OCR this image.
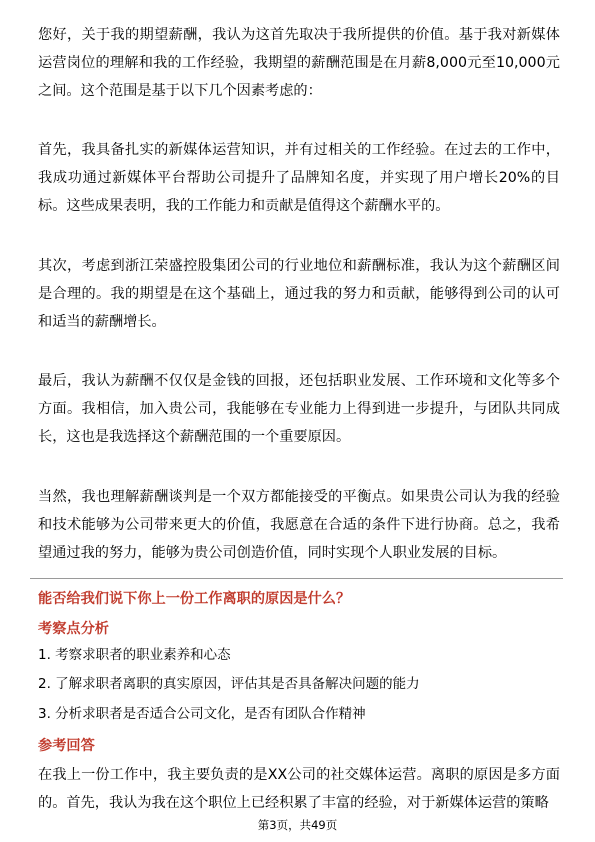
您好，关于我的期望薪酬，我认为这首先取决于我所提供的价值。基于我对新媒体运营岗位的理解和我的工作经验，我期望的薪酬范围是在月薪8,000元至10,000元之间。这个范围是基于以下几个因素考虑的：

首先，我具备扎实的新媒体运营知识，并有过相关的工作经验。在过去的工作中，我成功通过新媒体平台帮助公司提升了品牌知名度，并实现了用户增长20%的目标。这些成果表明，我的工作能力和贡献是值得这个薪酬水平的。

其次，考虑到浙江荣盛控股集团公司的行业地位和薪酬标准，我认为这个薪酬区间是合理的。我的期望是在这个基础上，通过我的努力和贡献，能够得到公司的认可和适当的薪酬增长。

最后，我认为薪酬不仅仅是金钱的回报，还包括职业发展、工作环境和文化等多个方面。我相信，加入贵公司，我能够在专业能力上得到进一步提升，与团队共同成长，这也是我选择这个薪酬范围的一个重要原因。

当然，我也理解薪酬谈判是一个双方都能接受的平衡点。如果贵公司认为我的经验和技术能够为公司带来更大的价值，我愿意在合适的条件下进行协商。总之，我希望通过我的努力，能够为贵公司创造价值，同时实现个人职业发展的目标。

能否给我们说下你上一份工作离职的原因是什么？

考察点分析

1. 考察求职者的职业素养和心态

2. 了解求职者离职的真实原因，评估其是否具备解决问题的能力

3. 分析求职者是否适合公司文化，是否有团队合作精神

参考回答

在我上一份工作中，我主要负责的是XX公司的社交媒体运营。离职的原因是多方面的。首先，我认为我在这个职位上已经积累了丰富的经验，对于新媒体运营的策略

第3页，共49页
